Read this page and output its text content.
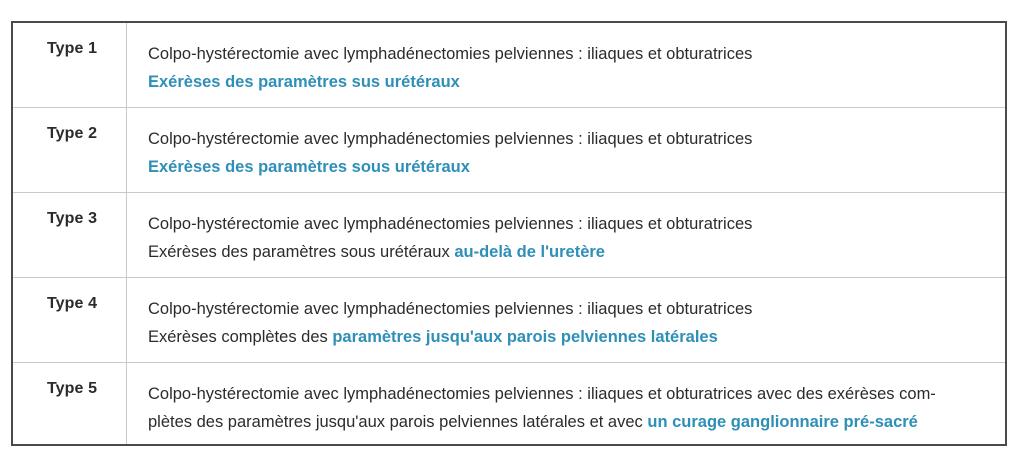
Type 1	Colpo-hystérectomie avec lymphadénectomies pelviennes : iliaques et obturatrices
Exérèses des paramètres sus urétéraux
Type 2	Colpo-hystérectomie avec lymphadénectomies pelviennes : iliaques et obturatrices
Exérèses des paramètres sous urétéraux
Type 3	Colpo-hystérectomie avec lymphadénectomies pelviennes : iliaques et obturatrices
Exérèses des paramètres sous urétéraux au-delà de l'uretère
Type 4	Colpo-hystérectomie avec lymphadénectomies pelviennes : iliaques et obturatrices
Exérèses complètes des paramètres jusqu'aux parois pelviennes latérales
Type 5	Colpo-hystérectomie avec lymphadénectomies pelviennes : iliaques et obturatrices avec des exérèses com-
plètes des paramètres jusqu'aux parois pelviennes latérales et avec un curage ganglionnaire pré-sacré
